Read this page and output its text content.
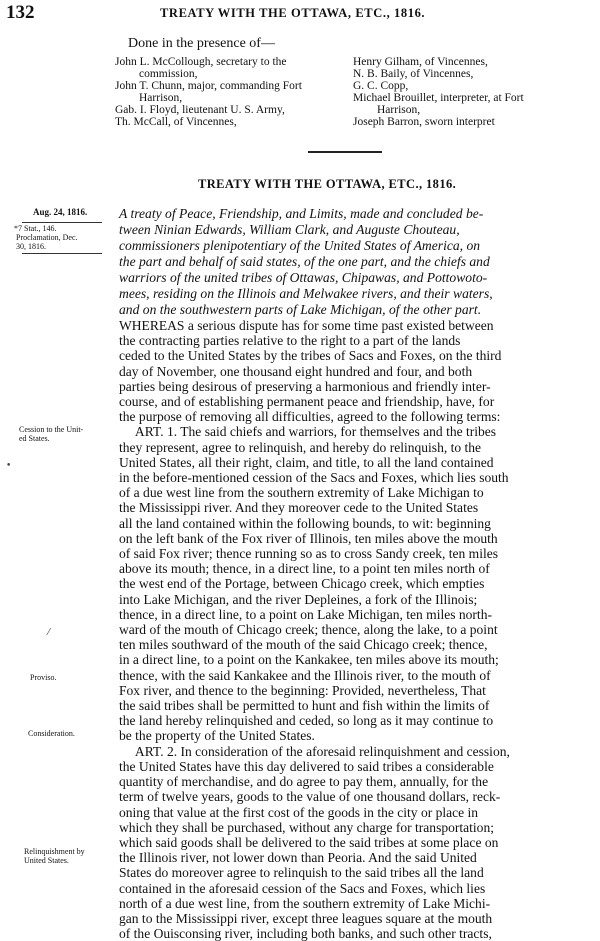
132	TREATY WITH THE OTTAWA, ETC., 1816.
Done in the presence of—
John L. McCollough, secretary to the
commission,
John T. Chunn, major, commanding Fort
Harrison,
Gab. I. Floyd, lieutenant U. S. Army,
Th. McCall, of Vincennes,
Henry Gilham, of Vincennes,
N. B. Baily, of Vincennes,
G. C. Copp,
Michael Brouillet, interpreter, at Fort
Harrison,
Joseph Barron, sworn interpret
TREATY WITH THE OTTAWA, ETC., 1816.
Aug. 24, 1816.
*7 Stat., 146.
Proclamation, Dec.
30, 1816.
Cession to the Unit-
ed States.
Proviso.
Consideration.
Relinquishment by
United States.
A treaty of Peace, Friendship, and Limits, made and concluded be-
tween Ninian Edwards, William Clark, and Auguste Chouteau,
commissioners plenipotentiary of the United States of America, on
the part and behalf of said states, of the one part, and the chiefs and
warriors of the united tribes of Ottawas, Chipawas, and Pottowoto-
mees, residing on the Illinois and Melwakee rivers, and their waters,
and on the southwestern parts of Lake Michigan, of the other part.
WHEREAS a serious dispute has for some time past existed between
the contracting parties relative to the right to a part of the lands
ceded to the United States by the tribes of Sacs and Foxes, on the third
day of November, one thousand eight hundred and four, and both
parties being desirous of preserving a harmonious and friendly inter-
course, and of establishing permanent peace and friendship, have, for
the purpose of removing all difficulties, agreed to the following terms:
ART. 1. The said chiefs and warriors, for themselves and the tribes
they represent, agree to relinquish, and hereby do relinquish, to the
United States, all their right, claim, and title, to all the land contained
in the before-mentioned cession of the Sacs and Foxes, which lies south
of a due west line from the southern extremity of Lake Michigan to
the Mississippi river. And they moreover cede to the United States
all the land contained within the following bounds, to wit: beginning
on the left bank of the Fox river of Illinois, ten miles above the mouth
of said Fox river; thence running so as to cross Sandy creek, ten miles
above its mouth; thence, in a direct line, to a point ten miles north of
the west end of the Portage, between Chicago creek, which empties
into Lake Michigan, and the river Depleines, a fork of the Illinois;
thence, in a direct line, to a point on Lake Michigan, ten miles north-
ward of the mouth of Chicago creek; thence, along the lake, to a point
ten miles southward of the mouth of the said Chicago creek; thence,
in a direct line, to a point on the Kankakee, ten miles above its mouth;
thence, with the said Kankakee and the Illinois river, to the mouth of
Fox river, and thence to the beginning: Provided, nevertheless, That
the said tribes shall be permitted to hunt and fish within the limits of
the land hereby relinquished and ceded, so long as it may continue to
be the property of the United States.
ART. 2. In consideration of the aforesaid relinquishment and cession,
the United States have this day delivered to said tribes a considerable
quantity of merchandise, and do agree to pay them, annually, for the
term of twelve years, goods to the value of one thousand dollars, reck-
oning that value at the first cost of the goods in the city or place in
which they shall be purchased, without any charge for transportation;
which said goods shall be delivered to the said tribes at some place on
the Illinois river, not lower down than Peoria. And the said United
States do moreover agree to relinquish to the said tribes all the land
contained in the aforesaid cession of the Sacs and Foxes, which lies
north of a due west line, from the southern extremity of Lake Michi-
gan to the Mississippi river, except three leagues square at the mouth
of the Ouisconsing river, including both banks, and such other tracts,
•
⁄
